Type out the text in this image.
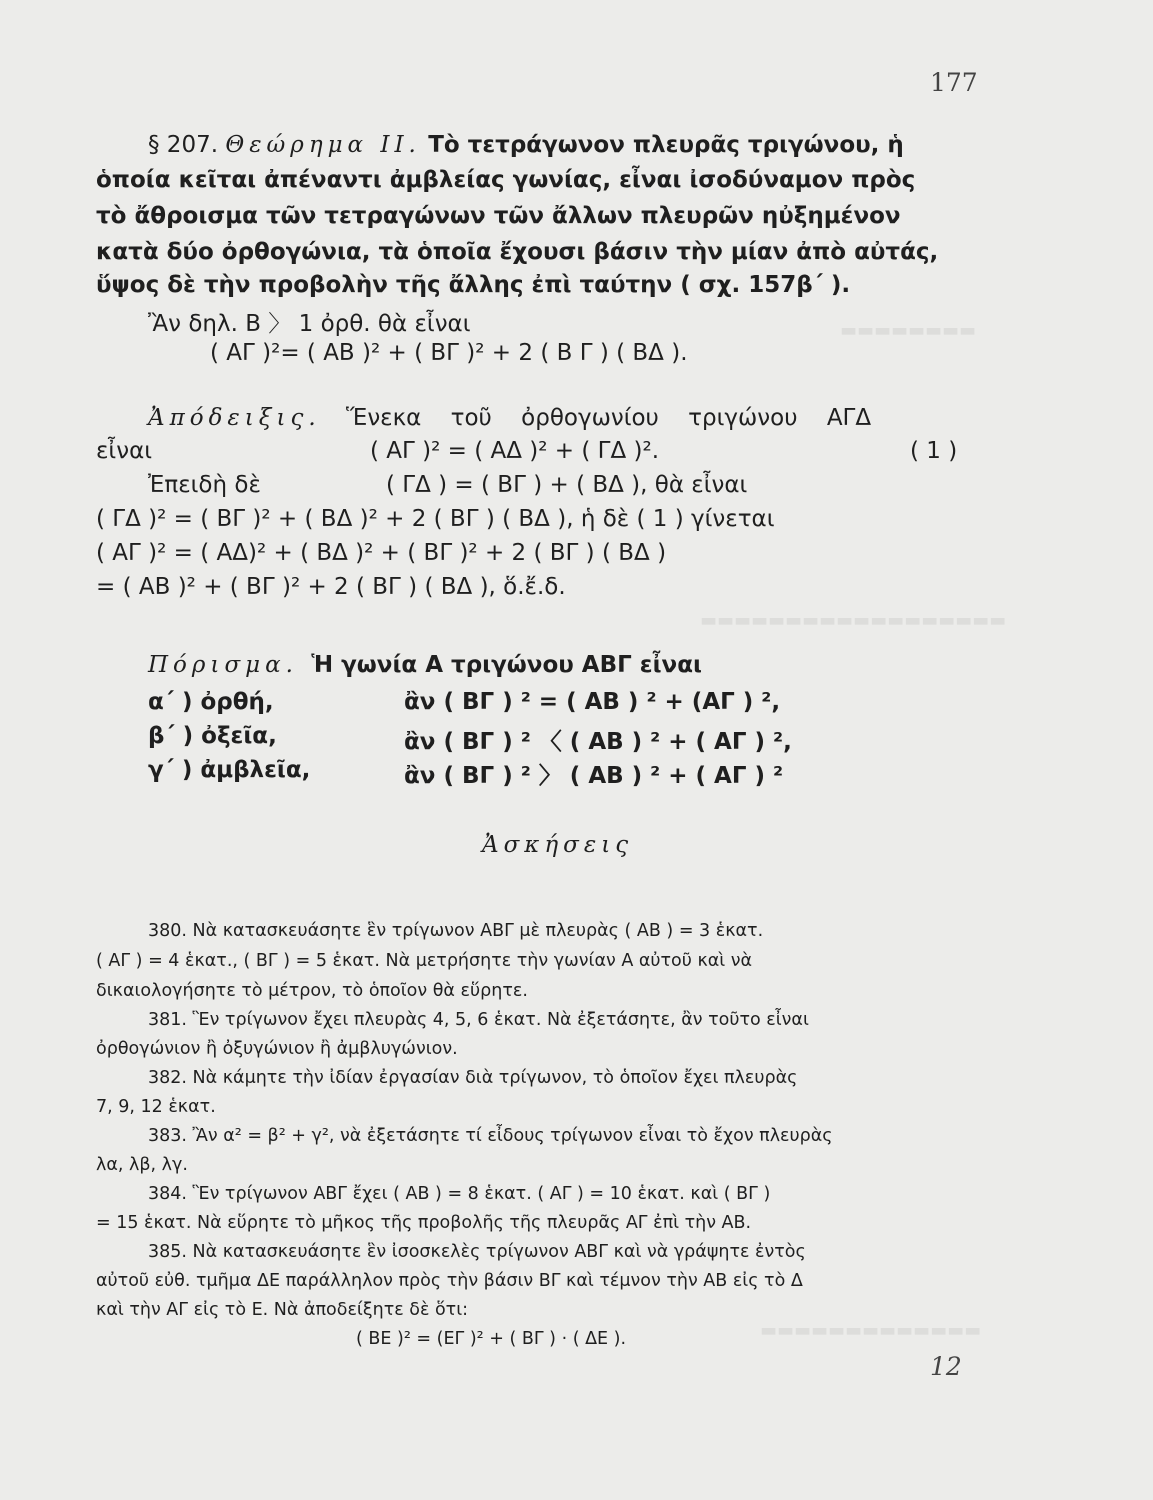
▬▬▬▬▬▬▬▬
▬▬▬▬▬▬▬▬▬▬▬▬▬▬▬▬▬▬
▬▬▬▬▬▬▬▬▬▬▬▬▬
177
§ 207. Θεώρημα ΙΙ. Τὸ τετράγωνον πλευρᾶς τριγώνου, ἡ
ὁποία κεῖται ἀπέναντι ἀμβλείας γωνίας, εἶναι ἰσοδύναμον πρὸς
τὸ ἄθροισμα τῶν τετραγώνων τῶν ἄλλων πλευρῶν ηὐξημένον
κατὰ δύο ὀρθογώνια, τὰ ὁποῖα ἔχουσι βάσιν τὴν μίαν ἀπὸ αὐτάς,
ὕψος δὲ τὴν προβολὴν τῆς ἄλλης ἐπὶ ταύτην ( σχ. 157β΄ ).
Ἂν δηλ. Β 〉 1 ὀρθ. θὰ εἶναι
( ΑΓ )²= ( ΑΒ )² + ( ΒΓ )² + 2 ( Β Γ ) ( ΒΔ ).
Ἀπόδειξις. Ἕνεκα τοῦ ὀρθογωνίου τριγώνου ΑΓΔ
εἶναι	( ΑΓ )² = ( ΑΔ )² + ( ΓΔ )².	( 1 )
Ἐπειδὴ δὲ	( ΓΔ ) = ( ΒΓ ) + ( ΒΔ ), θὰ εἶναι
( ΓΔ )² = ( ΒΓ )² + ( ΒΔ )² + 2 ( ΒΓ ) ( ΒΔ ), ἡ δὲ ( 1 ) γίνεται
( ΑΓ )² = ( ΑΔ)² + ( ΒΔ )² + ( ΒΓ )² + 2 ( ΒΓ ) ( ΒΔ )
= ( ΑΒ )² + ( ΒΓ )² + 2 ( ΒΓ ) ( ΒΔ ), ὅ.ἔ.δ.
Πόρισμα. Ἡ γωνία Α τριγώνου ΑΒΓ εἶναι
α΄ ) ὀρθή,	ἂν ( ΒΓ ) ² = ( ΑΒ ) ² + (ΑΓ ) ²,
β΄ ) ὀξεῖα,	ἂν ( ΒΓ ) ² 〈 ( ΑΒ ) ² + ( ΑΓ ) ²,
γ΄ ) ἀμβλεῖα,	ἂν ( ΒΓ ) ² 〉 ( ΑΒ ) ² + ( ΑΓ ) ²
Ἀσκήσεις
380. Νὰ κατασκευάσητε ἓν τρίγωνον ΑΒΓ μὲ πλευρὰς ( ΑΒ ) = 3 ἑκατ.
( ΑΓ ) = 4 ἑκατ., ( ΒΓ ) = 5 ἑκατ. Νὰ μετρήσητε τὴν γωνίαν Α αὐτοῦ καὶ νὰ
δικαιολογήσητε τὸ μέτρον, τὸ ὁποῖον θὰ εὕρητε.
381. Ἓν τρίγωνον ἔχει πλευρὰς 4, 5, 6 ἑκατ. Νὰ ἐξετάσητε, ἂν τοῦτο εἶναι
ὀρθογώνιον ἢ ὀξυγώνιον ἢ ἀμβλυγώνιον.
382. Νὰ κάμητε τὴν ἰδίαν ἐργασίαν διὰ τρίγωνον, τὸ ὁποῖον ἔχει πλευρὰς
7, 9, 12 ἑκατ.
383. Ἂν α² = β² + γ², νὰ ἐξετάσητε τί εἶδους τρίγωνον εἶναι τὸ ἔχον πλευρὰς
λα, λβ, λγ.
384. Ἓν τρίγωνον ΑΒΓ ἔχει ( ΑΒ ) = 8 ἑκατ. ( ΑΓ ) = 10 ἑκατ. καὶ ( ΒΓ )
= 15 ἑκατ. Νὰ εὕρητε τὸ μῆκος τῆς προβολῆς τῆς πλευρᾶς ΑΓ ἐπὶ τὴν ΑΒ.
385. Νὰ κατασκευάσητε ἓν ἰσοσκελὲς τρίγωνον ΑΒΓ καὶ νὰ γράψητε ἐντὸς
αὐτοῦ εὐθ. τμῆμα ΔΕ παράλληλον πρὸς τὴν βάσιν ΒΓ καὶ τέμνον τὴν ΑΒ εἰς τὸ Δ
καὶ τὴν ΑΓ εἰς τὸ Ε. Νὰ ἀποδείξητε δὲ ὅτι:
( ΒΕ )² = (ΕΓ )² + ( ΒΓ ) · ( ΔΕ ).
12
